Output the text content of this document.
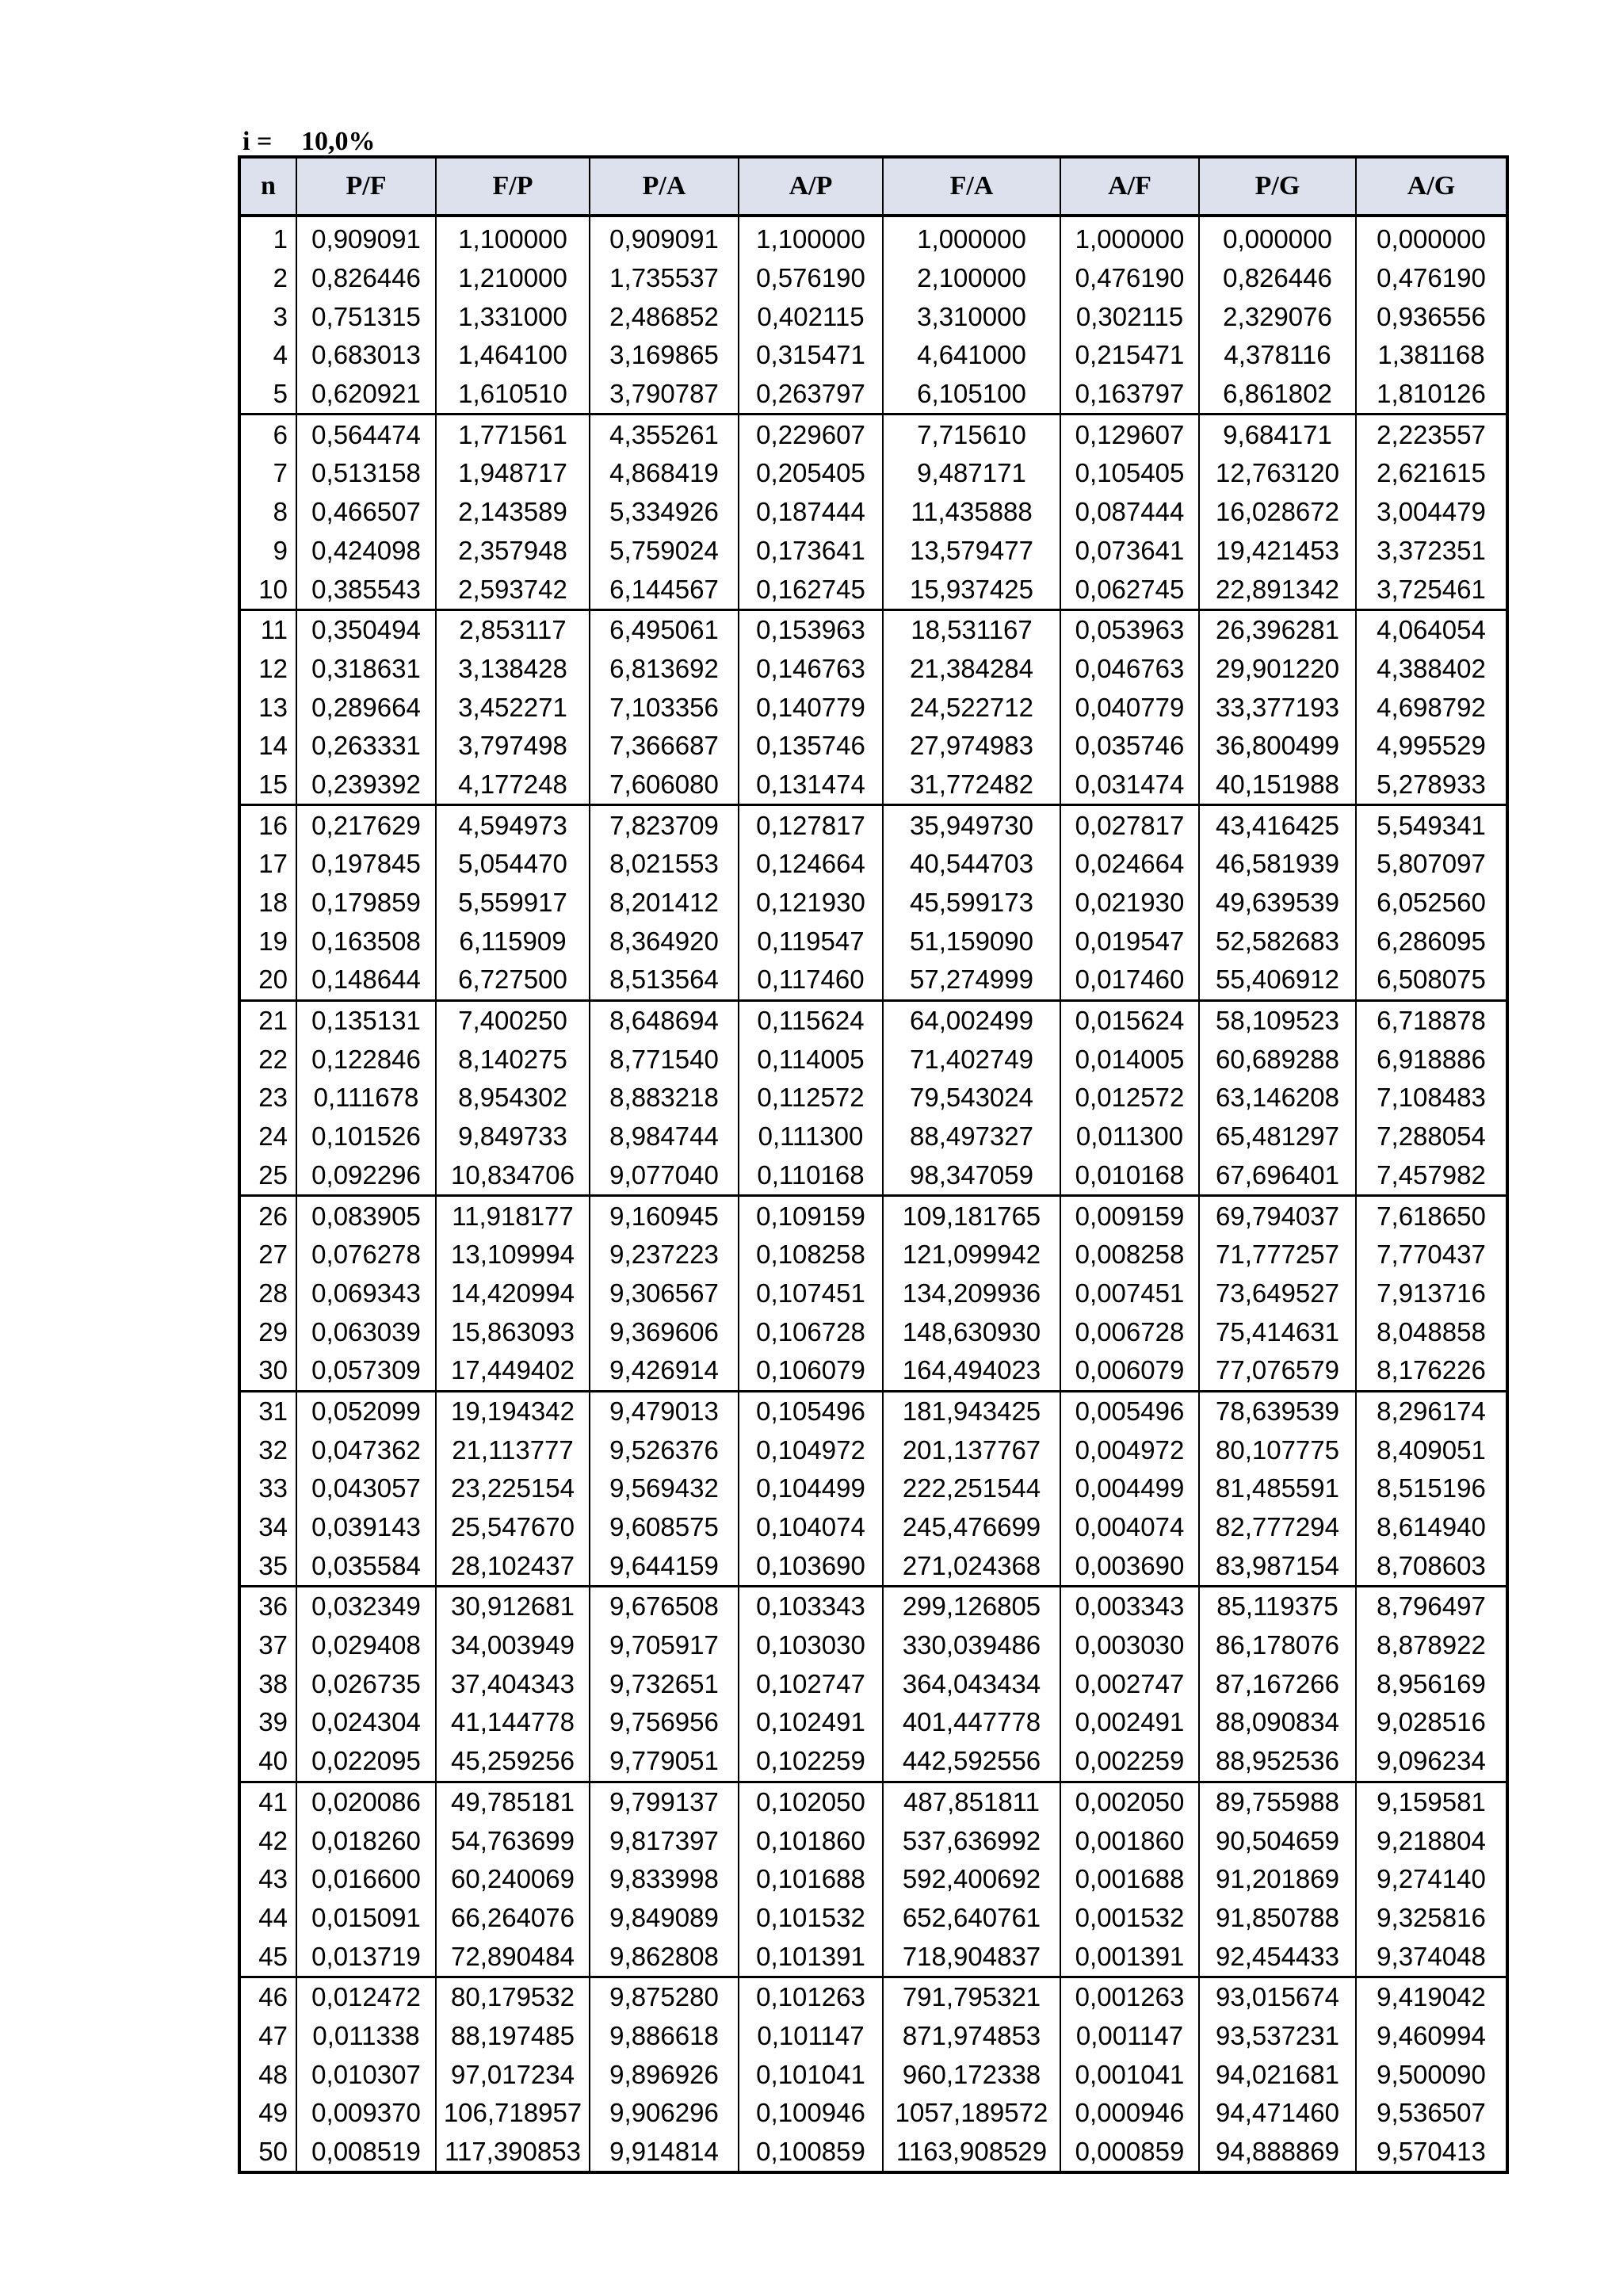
i =	10,0%
n	P/F	F/P	P/A	A/P	F/A	A/F	P/G	A/G
1	0,909091	1,100000	0,909091	1,100000	1,000000	1,000000	0,000000	0,000000
2	0,826446	1,210000	1,735537	0,576190	2,100000	0,476190	0,826446	0,476190
3	0,751315	1,331000	2,486852	0,402115	3,310000	0,302115	2,329076	0,936556
4	0,683013	1,464100	3,169865	0,315471	4,641000	0,215471	4,378116	1,381168
5	0,620921	1,610510	3,790787	0,263797	6,105100	0,163797	6,861802	1,810126
6	0,564474	1,771561	4,355261	0,229607	7,715610	0,129607	9,684171	2,223557
7	0,513158	1,948717	4,868419	0,205405	9,487171	0,105405	12,763120	2,621615
8	0,466507	2,143589	5,334926	0,187444	11,435888	0,087444	16,028672	3,004479
9	0,424098	2,357948	5,759024	0,173641	13,579477	0,073641	19,421453	3,372351
10	0,385543	2,593742	6,144567	0,162745	15,937425	0,062745	22,891342	3,725461
11	0,350494	2,853117	6,495061	0,153963	18,531167	0,053963	26,396281	4,064054
12	0,318631	3,138428	6,813692	0,146763	21,384284	0,046763	29,901220	4,388402
13	0,289664	3,452271	7,103356	0,140779	24,522712	0,040779	33,377193	4,698792
14	0,263331	3,797498	7,366687	0,135746	27,974983	0,035746	36,800499	4,995529
15	0,239392	4,177248	7,606080	0,131474	31,772482	0,031474	40,151988	5,278933
16	0,217629	4,594973	7,823709	0,127817	35,949730	0,027817	43,416425	5,549341
17	0,197845	5,054470	8,021553	0,124664	40,544703	0,024664	46,581939	5,807097
18	0,179859	5,559917	8,201412	0,121930	45,599173	0,021930	49,639539	6,052560
19	0,163508	6,115909	8,364920	0,119547	51,159090	0,019547	52,582683	6,286095
20	0,148644	6,727500	8,513564	0,117460	57,274999	0,017460	55,406912	6,508075
21	0,135131	7,400250	8,648694	0,115624	64,002499	0,015624	58,109523	6,718878
22	0,122846	8,140275	8,771540	0,114005	71,402749	0,014005	60,689288	6,918886
23	0,111678	8,954302	8,883218	0,112572	79,543024	0,012572	63,146208	7,108483
24	0,101526	9,849733	8,984744	0,111300	88,497327	0,011300	65,481297	7,288054
25	0,092296	10,834706	9,077040	0,110168	98,347059	0,010168	67,696401	7,457982
26	0,083905	11,918177	9,160945	0,109159	109,181765	0,009159	69,794037	7,618650
27	0,076278	13,109994	9,237223	0,108258	121,099942	0,008258	71,777257	7,770437
28	0,069343	14,420994	9,306567	0,107451	134,209936	0,007451	73,649527	7,913716
29	0,063039	15,863093	9,369606	0,106728	148,630930	0,006728	75,414631	8,048858
30	0,057309	17,449402	9,426914	0,106079	164,494023	0,006079	77,076579	8,176226
31	0,052099	19,194342	9,479013	0,105496	181,943425	0,005496	78,639539	8,296174
32	0,047362	21,113777	9,526376	0,104972	201,137767	0,004972	80,107775	8,409051
33	0,043057	23,225154	9,569432	0,104499	222,251544	0,004499	81,485591	8,515196
34	0,039143	25,547670	9,608575	0,104074	245,476699	0,004074	82,777294	8,614940
35	0,035584	28,102437	9,644159	0,103690	271,024368	0,003690	83,987154	8,708603
36	0,032349	30,912681	9,676508	0,103343	299,126805	0,003343	85,119375	8,796497
37	0,029408	34,003949	9,705917	0,103030	330,039486	0,003030	86,178076	8,878922
38	0,026735	37,404343	9,732651	0,102747	364,043434	0,002747	87,167266	8,956169
39	0,024304	41,144778	9,756956	0,102491	401,447778	0,002491	88,090834	9,028516
40	0,022095	45,259256	9,779051	0,102259	442,592556	0,002259	88,952536	9,096234
41	0,020086	49,785181	9,799137	0,102050	487,851811	0,002050	89,755988	9,159581
42	0,018260	54,763699	9,817397	0,101860	537,636992	0,001860	90,504659	9,218804
43	0,016600	60,240069	9,833998	0,101688	592,400692	0,001688	91,201869	9,274140
44	0,015091	66,264076	9,849089	0,101532	652,640761	0,001532	91,850788	9,325816
45	0,013719	72,890484	9,862808	0,101391	718,904837	0,001391	92,454433	9,374048
46	0,012472	80,179532	9,875280	0,101263	791,795321	0,001263	93,015674	9,419042
47	0,011338	88,197485	9,886618	0,101147	871,974853	0,001147	93,537231	9,460994
48	0,010307	97,017234	9,896926	0,101041	960,172338	0,001041	94,021681	9,500090
49	0,009370	106,718957	9,906296	0,100946	1057,189572	0,000946	94,471460	9,536507
50	0,008519	117,390853	9,914814	0,100859	1163,908529	0,000859	94,888869	9,570413
